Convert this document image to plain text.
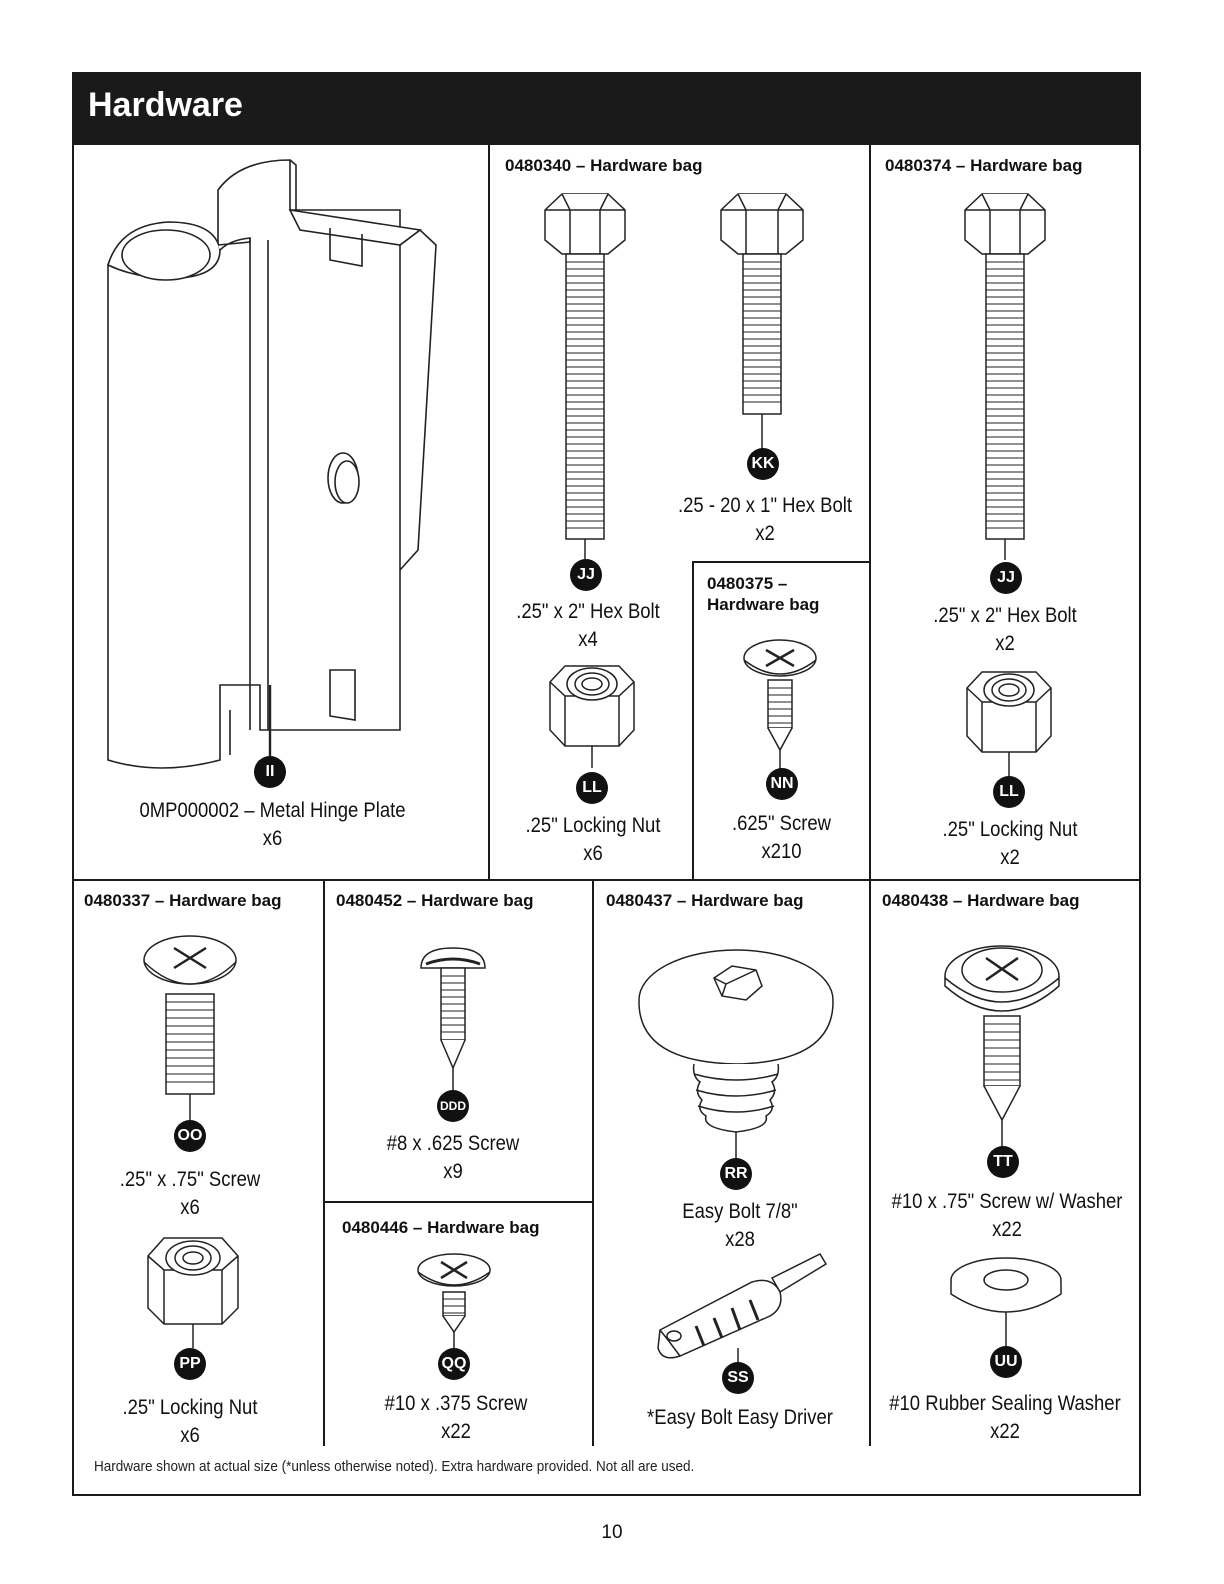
Hardware
II
0MP000002 – Metal Hinge Plate
x6
0480340 – Hardware bag
JJ
.25" x 2" Hex Bolt
x4
KK
.25 - 20 x 1" Hex Bolt
x2
LL
.25" Locking Nut
x6
0480375 –
Hardware bag
NN
.625" Screw
x210
0480374 – Hardware bag
JJ
.25" x 2" Hex Bolt
x2
LL
.25" Locking Nut
x2
0480337 – Hardware bag
OO
.25" x .75" Screw
x6
PP
.25" Locking Nut
x6
0480452 – Hardware bag
DDD
#8 x .625 Screw
x9
0480446 – Hardware bag
QQ
#10 x .375 Screw
x22
0480437 – Hardware bag
RR
Easy Bolt 7/8"
x28
SS
*Easy Bolt Easy Driver
0480438 – Hardware bag
TT
#10 x .75" Screw w/ Washer
x22
UU
#10 Rubber Sealing Washer
x22
Hardware shown at actual size (*unless otherwise noted). Extra hardware provided. Not all are used.
10
